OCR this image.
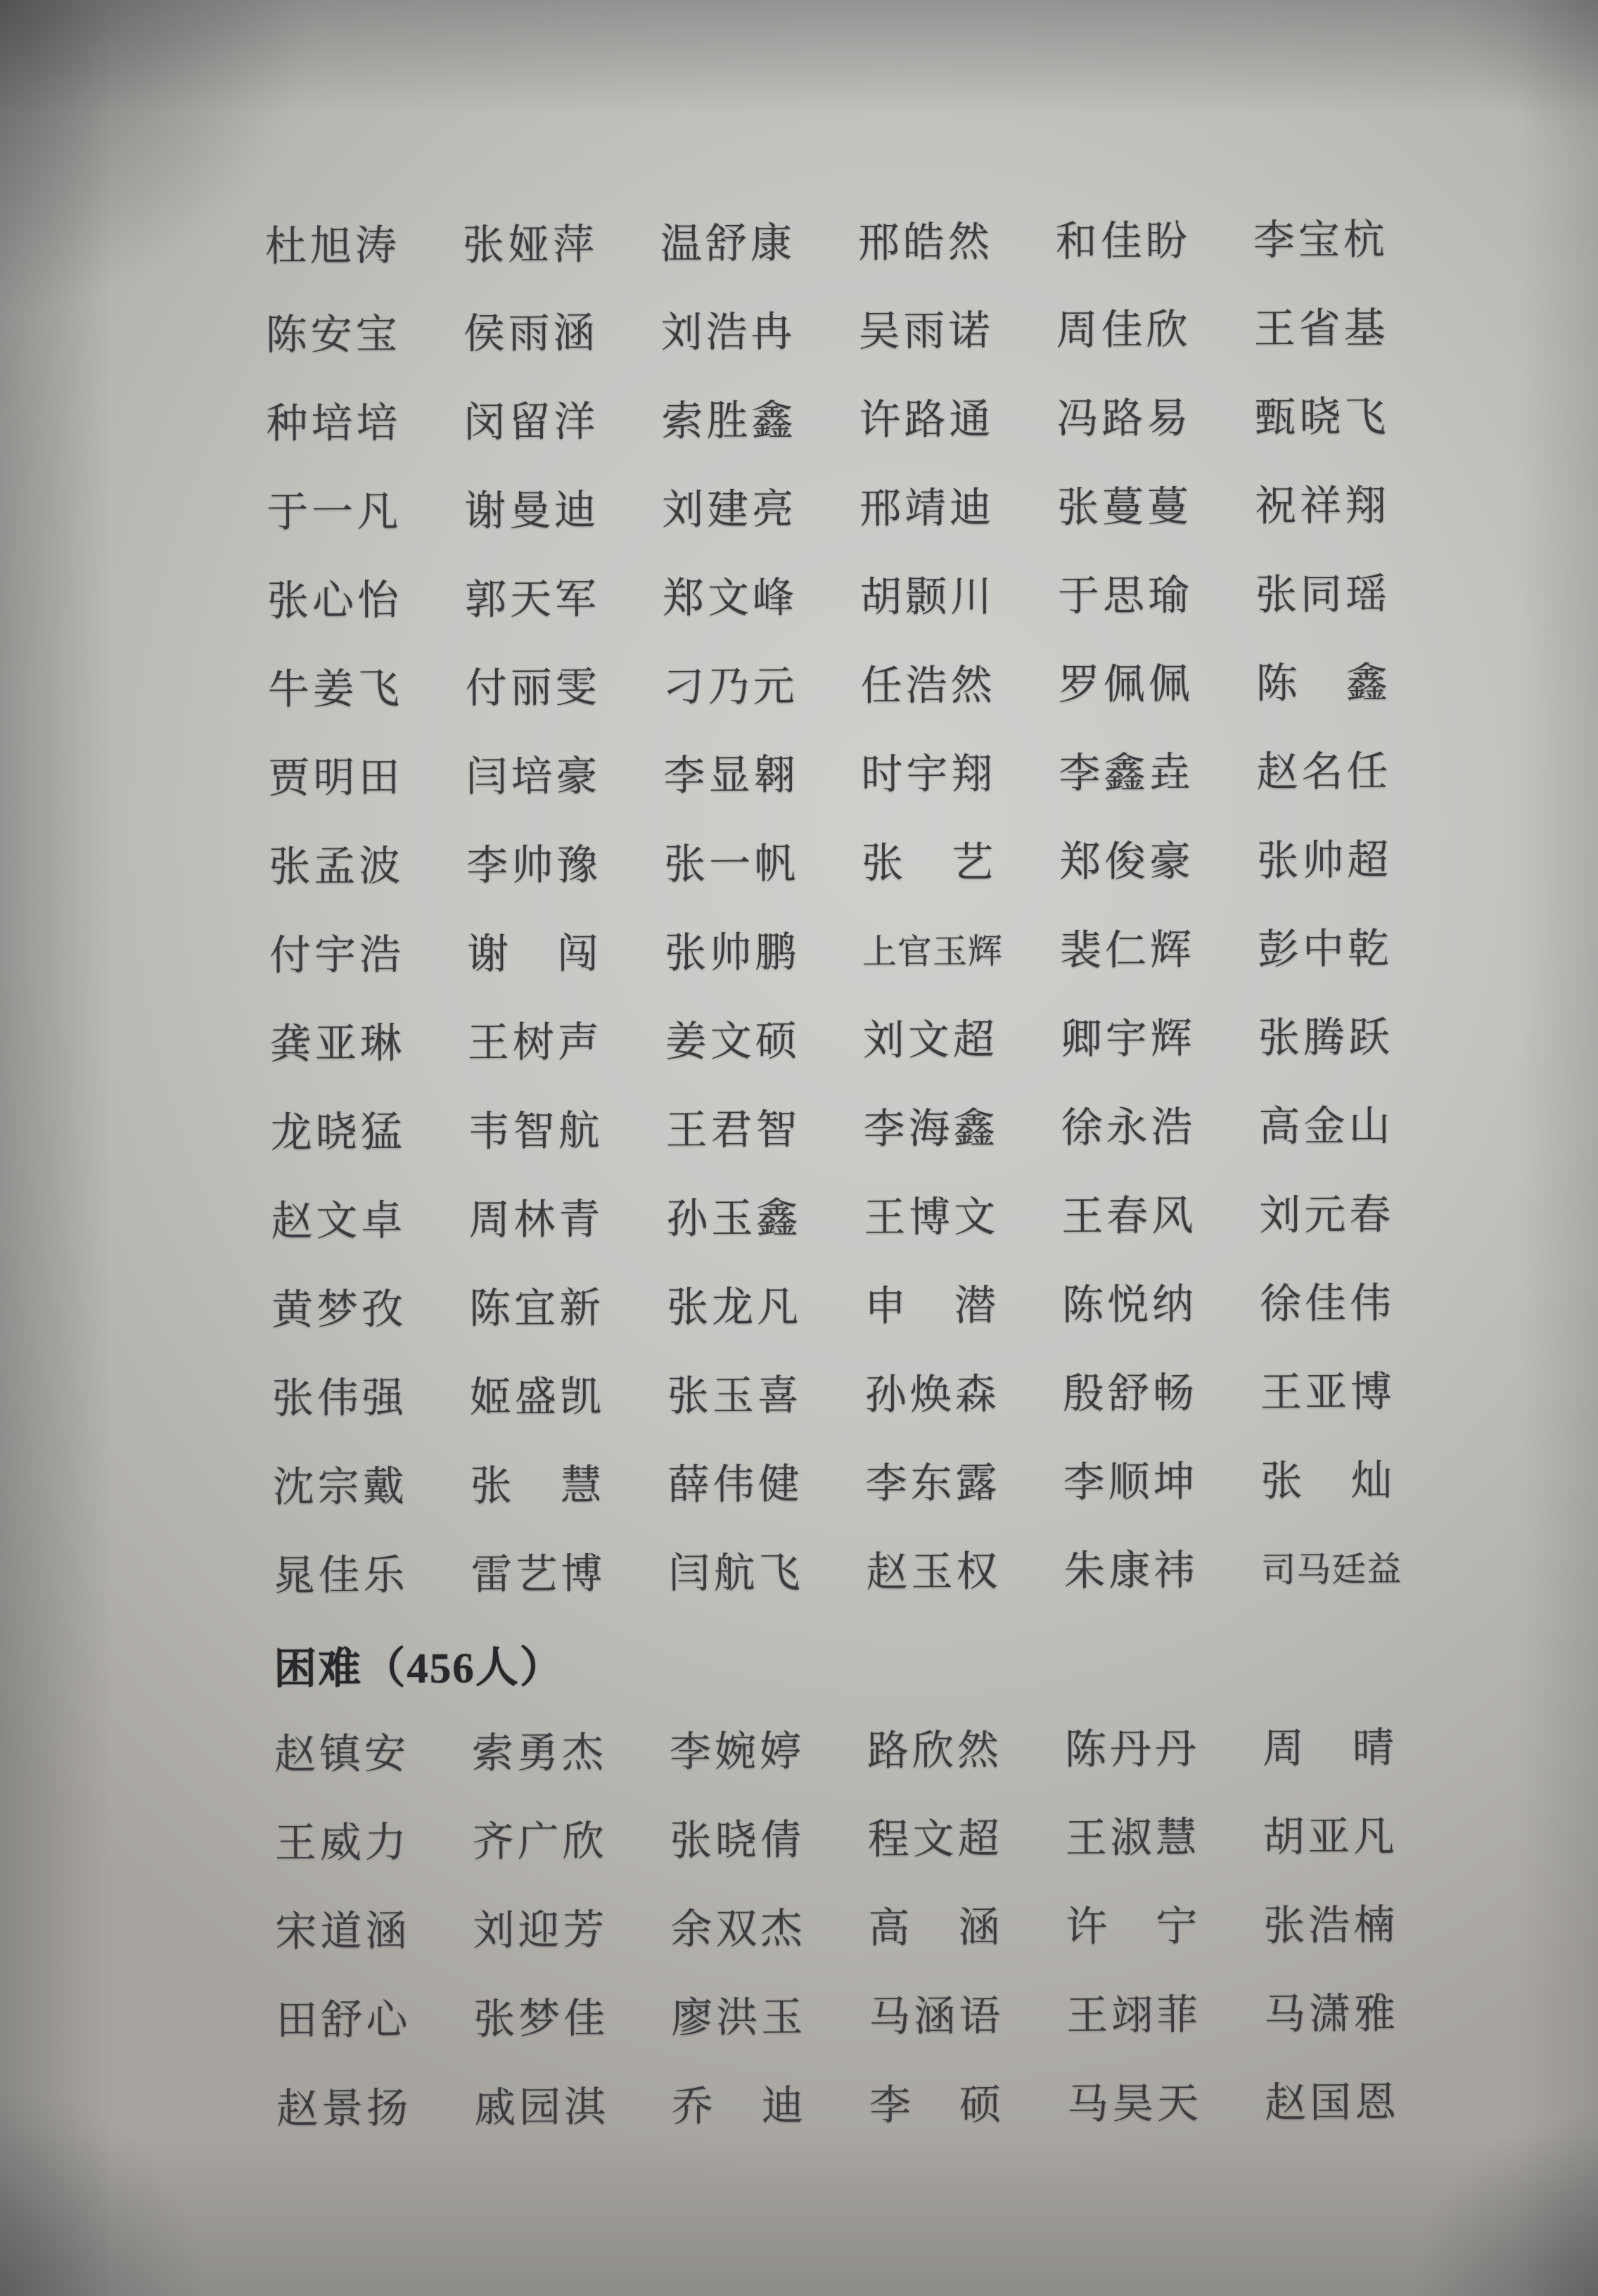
杜旭涛	张娅萍	温舒康	邢皓然	和佳盼	李宝杭
陈安宝	侯雨涵	刘浩冉	吴雨诺	周佳欣	王省基
种培培	闵留洋	索胜鑫	许路通	冯路易	甄晓飞
于一凡	谢曼迪	刘建亮	邢靖迪	张蔓蔓	祝祥翔
张心怡	郭天军	郑文峰	胡颢川	于思瑜	张同瑶
牛姜飞	付丽雯	刁乃元	任浩然	罗佩佩	陈　鑫
贾明田	闫培豪	李显翱	时宇翔	李鑫垚	赵名任
张孟波	李帅豫	张一帆	张　艺	郑俊豪	张帅超
付宇浩	谢　闯	张帅鹏	上官玉辉	裴仁辉	彭中乾
龚亚琳	王树声	姜文硕	刘文超	卿宇辉	张腾跃
龙晓猛	韦智航	王君智	李海鑫	徐永浩	高金山
赵文卓	周林青	孙玉鑫	王博文	王春风	刘元春
黄梦孜	陈宜新	张龙凡	申　潜	陈悦纳	徐佳伟
张伟强	姬盛凯	张玉喜	孙焕森	殷舒畅	王亚博
沈宗戴	张　慧	薛伟健	李东露	李顺坤	张　灿
晁佳乐	雷艺博	闫航飞	赵玉权	朱康祎	司马廷益
困难（456人）
赵镇安	索勇杰	李婉婷	路欣然	陈丹丹	周　晴
王威力	齐广欣	张晓倩	程文超	王淑慧	胡亚凡
宋道涵	刘迎芳	余双杰	高　涵	许　宁	张浩楠
田舒心	张梦佳	廖洪玉	马涵语	王翊菲	马潇雅
赵景扬	戚园淇	乔　迪	李　硕	马昊天	赵国恩
